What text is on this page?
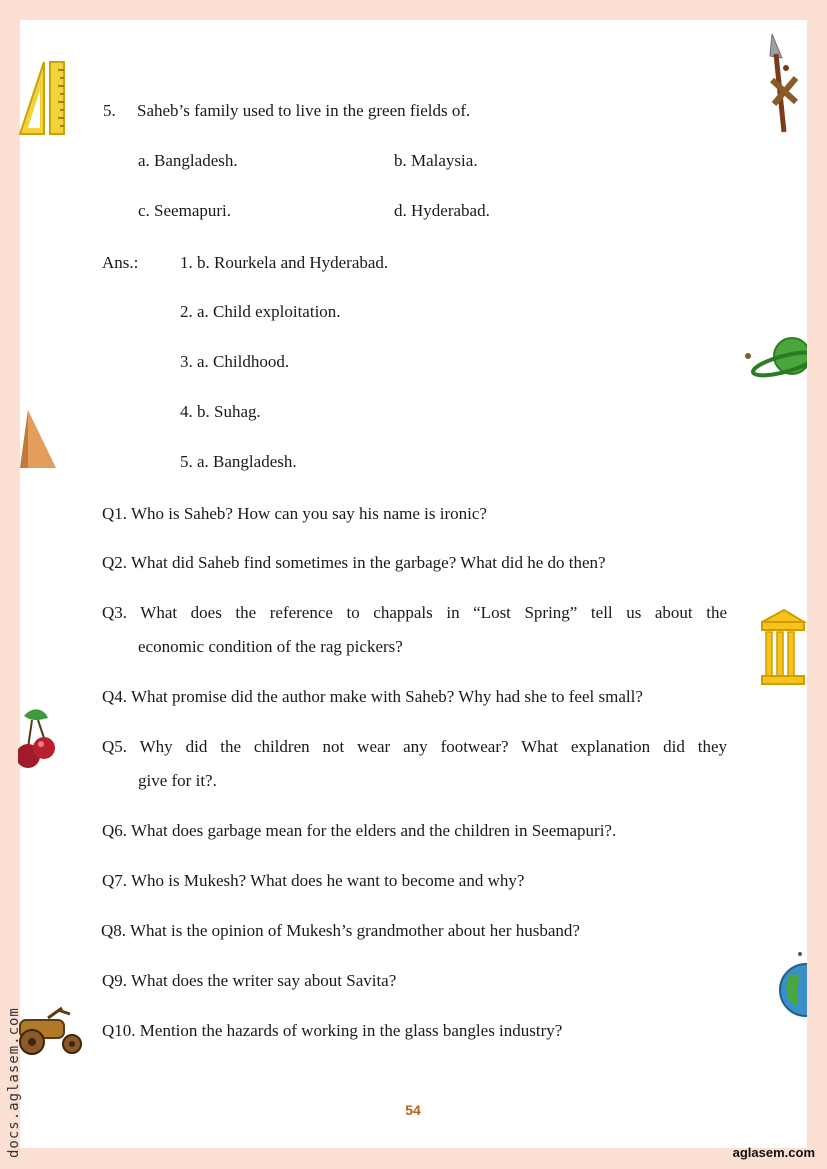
5. Saheb’s family used to live in the green fields of.
a. Bangladesh.	b. Malaysia.
c. Seemapuri.	d. Hyderabad.
Ans.: 1. b. Rourkela and Hyderabad.
2. a. Child exploitation.
3. a. Childhood.
4. b. Suhag.
5. a. Bangladesh.
Q1. Who is Saheb? How can you say his name is ironic?
Q2. What did Saheb find sometimes in the garbage? What did he do then?
Q3. What does the reference to chappals in “Lost Spring” tell us about the
economic condition of the rag pickers?
Q4. What promise did the author make with Saheb? Why had she to feel small?
Q5. Why did the children not wear any footwear? What explanation did they
give for it?.
Q6. What does garbage mean for the elders and the children in Seemapuri?.
Q7. Who is Mukesh? What does he want to become and why?
Q8. What is the opinion of Mukesh’s grandmother about her husband?
Q9. What does the writer say about Savita?
Q10. Mention the hazards of working in the glass bangles industry?
54
aglasem.com
docs.aglasem.com
